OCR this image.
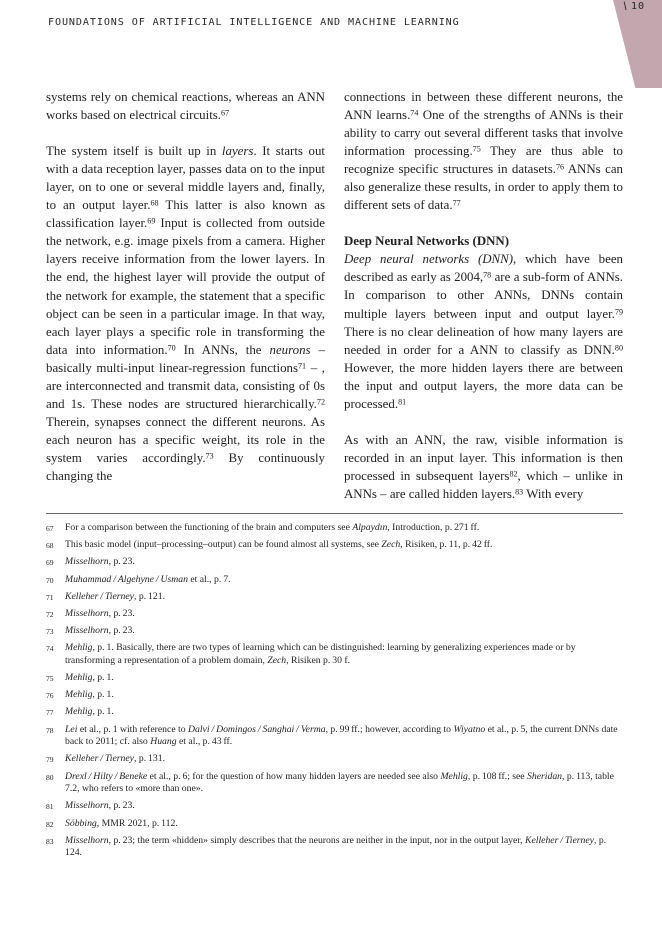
FOUNDATIONS OF ARTIFICIAL INTELLIGENCE AND MACHINE LEARNING
\10

systems rely on chemical reactions, whereas an ANN works based on electrical circuits.$^{67}$

The system itself is built up in layers. It starts out with a data reception layer, passes data on to the input layer, on to one or several middle layers and, finally, to an output layer.$^{68}$ This latter is also known as classification layer.$^{69}$ Input is collected from outside the network, e.g. image pixels from a camera. Higher layers receive information from the lower layers. In the end, the highest layer will provide the output of the network for example, the statement that a specific object can be seen in a particular image. In that way, each layer plays a specific role in transforming the data into information.$^{70}$ In ANNs, the neurons – basically multi-input linear-regression functions$^{71}$ – , are interconnected and transmit data, consisting of 0s and 1s. These nodes are structured hierarchically.$^{72}$ Therein, synapses connect the different neurons. As each neuron has a specific weight, its role in the system varies accordingly.$^{73}$ By continuously changing the

connections in between these different neurons, the ANN learns.$^{74}$ One of the strengths of ANNs is their ability to carry out several different tasks that involve information processing.$^{75}$ They are thus able to recognize specific structures in datasets.$^{76}$ ANNs can also generalize these results, in order to apply them to different sets of data.$^{77}$

Deep Neural Networks (DNN)

Deep neural networks (DNN), which have been described as early as 2004,78 are a sub-form of ANNs. In comparison to other ANNs, DNNs contain multiple layers between input and output layer.$^{79}$ There is no clear delineation of how many layers are needed in order for a ANN to classify as DNN.$^{80}$ However, the more hidden layers there are between the input and output layers, the more data can be processed.$^{81}$

As with an ANN, the raw, visible information is recorded in an input layer. This information is then processed in subsequent layers$^{82}$, which – unlike in ANNs – are called hidden layers.$^{83}$ With every

67	For a comparison between the functioning of the brain and computers see Alpaydın, Introduction, p. 271 ff.
68	This basic model (input–processing–output) can be found almost all systems, see Zech, Risiken, p. 11, p. 42 ff.
69	Misselhorn, p. 23.
70	Muhammad / Algehyne / Usman et al., p. 7.
71	Kelleher / Tierney, p. 121.
72	Misselhorn, p. 23.
73	Misselhorn, p. 23.
74	Mehlig, p. 1. Basically, there are two types of learning which can be distinguished: learning by generalizing experiences made or by transforming a representation of a problem domain, Zech, Risiken p. 30 f.
75	Mehlig, p. 1.
76	Mehlig, p. 1.
77	Mehlig, p. 1.
78	Lei et al., p. 1 with reference to Dalvi / Domingos / Sanghai / Verma, p. 99 ff.; however, according to Wiyatno et al., p. 5, the current DNNs date back to 2011; cf. also Huang et al., p. 43 ff.
79	Kelleher / Tierney, p. 131.
80	Drexl / Hilty / Beneke et al., p. 6; for the question of how many hidden layers are needed see also Mehlig, p. 108 ff.; see Sheridan, p. 113, table 7.2, who refers to «more than one».
81	Misselhorn, p. 23.
82	Söbbing, MMR 2021, p. 112.
83	Misselhorn, p. 23; the term «hidden» simply describes that the neurons are neither in the input, nor in the output layer, Kelleher / Tierney, p. 124.
